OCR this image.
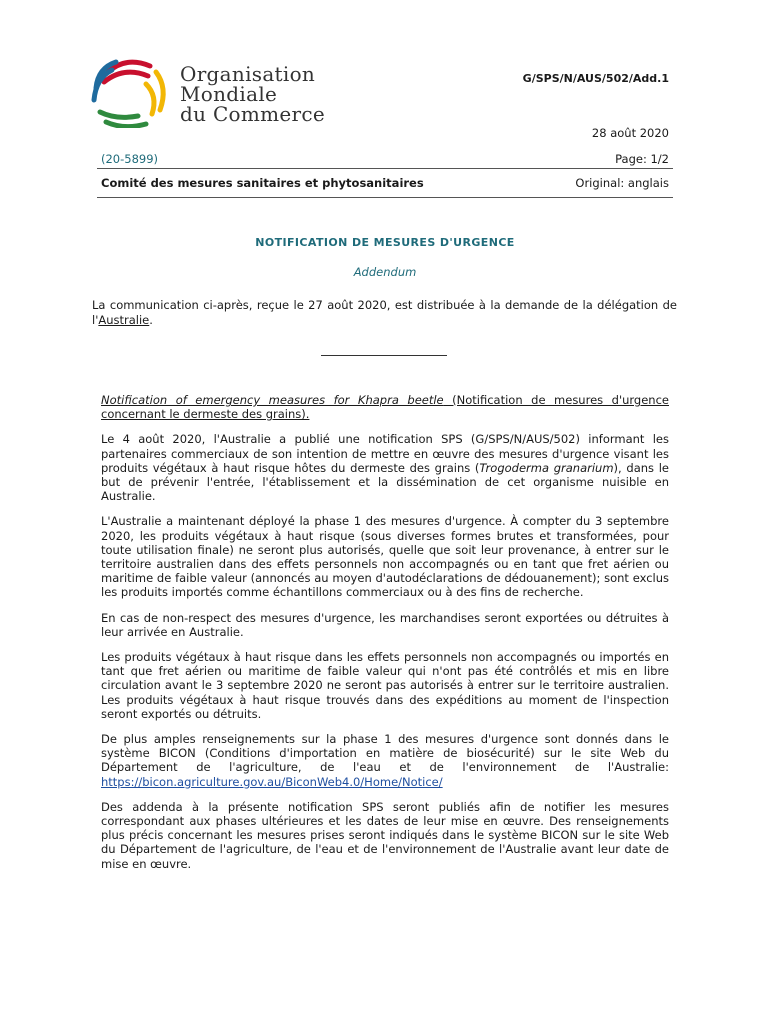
Organisation
Mondiale
du Commerce
G/SPS/N/AUS/502/Add.1
28 août 2020
(20-5899)	Page: 1/2
Comité des mesures sanitaires et phytosanitaires	Original: anglais
NOTIFICATION DE MESURES D'URGENCE
Addendum
La communication ci-après, reçue le 27 août 2020, est distribuée à la demande de la délégation de l'Australie.

Notification of emergency measures for Khapra beetle (Notification de mesures d'urgence concernant le dermeste des grains).

Le 4 août 2020, l'Australie a publié une notification SPS (G/SPS/N/AUS/502) informant les partenaires commerciaux de son intention de mettre en œuvre des mesures d'urgence visant les produits végétaux à haut risque hôtes du dermeste des grains (Trogoderma granarium), dans le but de prévenir l'entrée, l'établissement et la dissémination de cet organisme nuisible en Australie.

L'Australie a maintenant déployé la phase 1 des mesures d'urgence. À compter du 3 septembre 2020, les produits végétaux à haut risque (sous diverses formes brutes et transformées, pour toute utilisation finale) ne seront plus autorisés, quelle que soit leur provenance, à entrer sur le territoire australien dans des effets personnels non accompagnés ou en tant que fret aérien ou maritime de faible valeur (annoncés au moyen d'autodéclarations de dédouanement); sont exclus les produits importés comme échantillons commerciaux ou à des fins de recherche.

En cas de non-respect des mesures d'urgence, les marchandises seront exportées ou détruites à leur arrivée en Australie.

Les produits végétaux à haut risque dans les effets personnels non accompagnés ou importés en tant que fret aérien ou maritime de faible valeur qui n'ont pas été contrôlés et mis en libre circulation avant le 3 septembre 2020 ne seront pas autorisés à entrer sur le territoire australien. Les produits végétaux à haut risque trouvés dans des expéditions au moment de l'inspection seront exportés ou détruits.

De plus amples renseignements sur la phase 1 des mesures d'urgence sont donnés dans le système BICON (Conditions d'importation en matière de biosécurité) sur le site Web du Département de l'agriculture, de l'eau et de l'environnement de l'Australie: https://bicon.agriculture.gov.au/BiconWeb4.0/Home/Notice/

Des addenda à la présente notification SPS seront publiés afin de notifier les mesures correspondant aux phases ultérieures et les dates de leur mise en œuvre. Des renseignements plus précis concernant les mesures prises seront indiqués dans le système BICON sur le site Web du Département de l'agriculture, de l'eau et de l'environnement de l'Australie avant leur date de mise en œuvre.
